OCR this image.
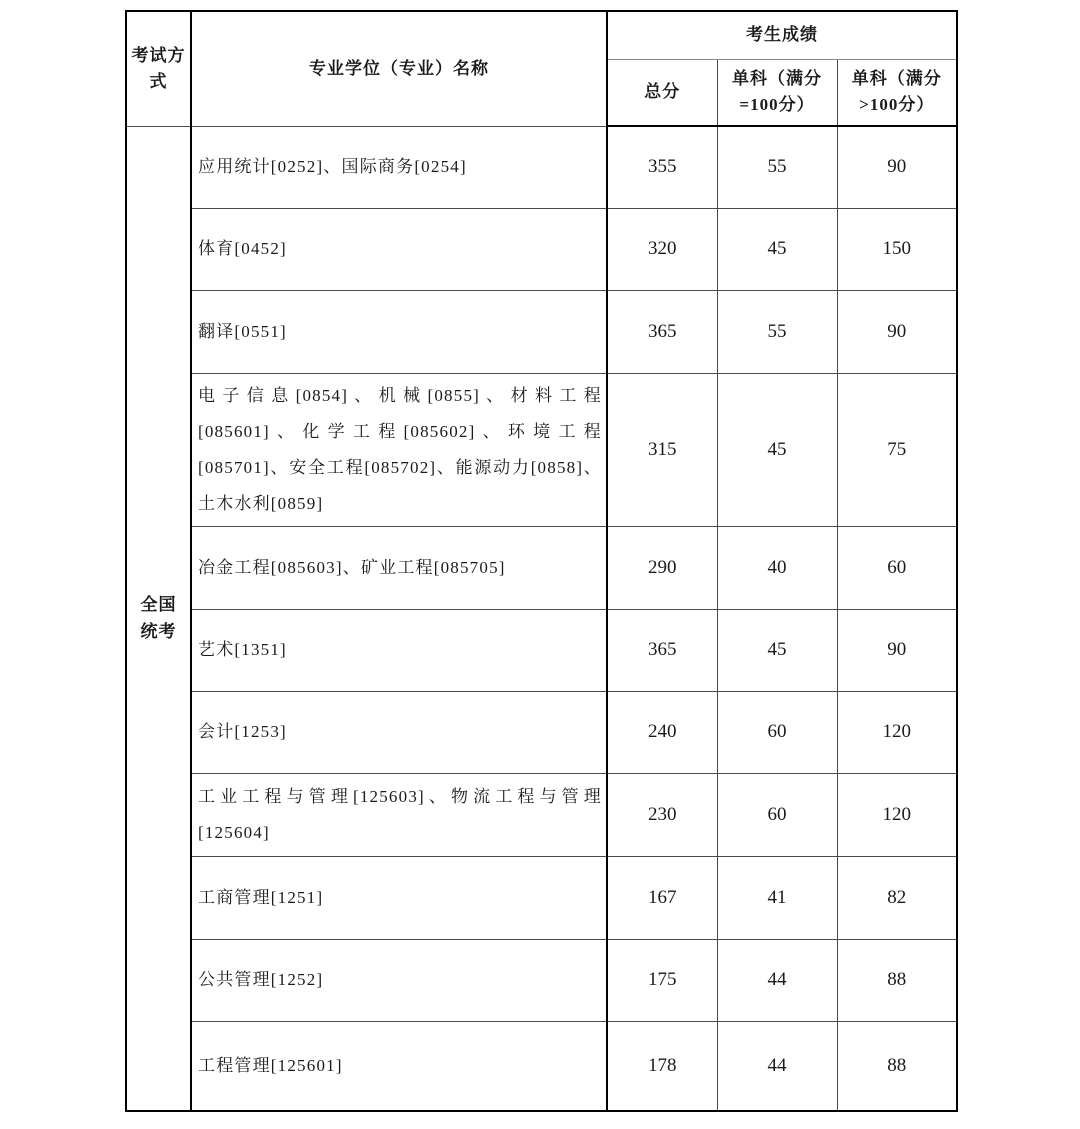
考试方式	专业学位（专业）名称	考生成绩		
		总分	单科（满分=100分）	单科（满分>100分）
全国统考	应用统计[0252]、国际商务[0254]	355	55	90
	体育[0452]	320	45	150
	翻译[0551]	365	55	90
	电子信息[0854]、机械[0855]、材料工程[085601]、化学工程[085602]、环境工程[085701]、安全工程[085702]、能源动力[0858]、土木水利[0859]	315	45	75
	冶金工程[085603]、矿业工程[085705]	290	40	60
	艺术[1351]	365	45	90
	会计[1253]	240	60	120
	工业工程与管理[125603]、物流工程与管理[125604]	230	60	120
	工商管理[1251]	167	41	82
	公共管理[1252]	175	44	88
	工程管理[125601]	178	44	88
